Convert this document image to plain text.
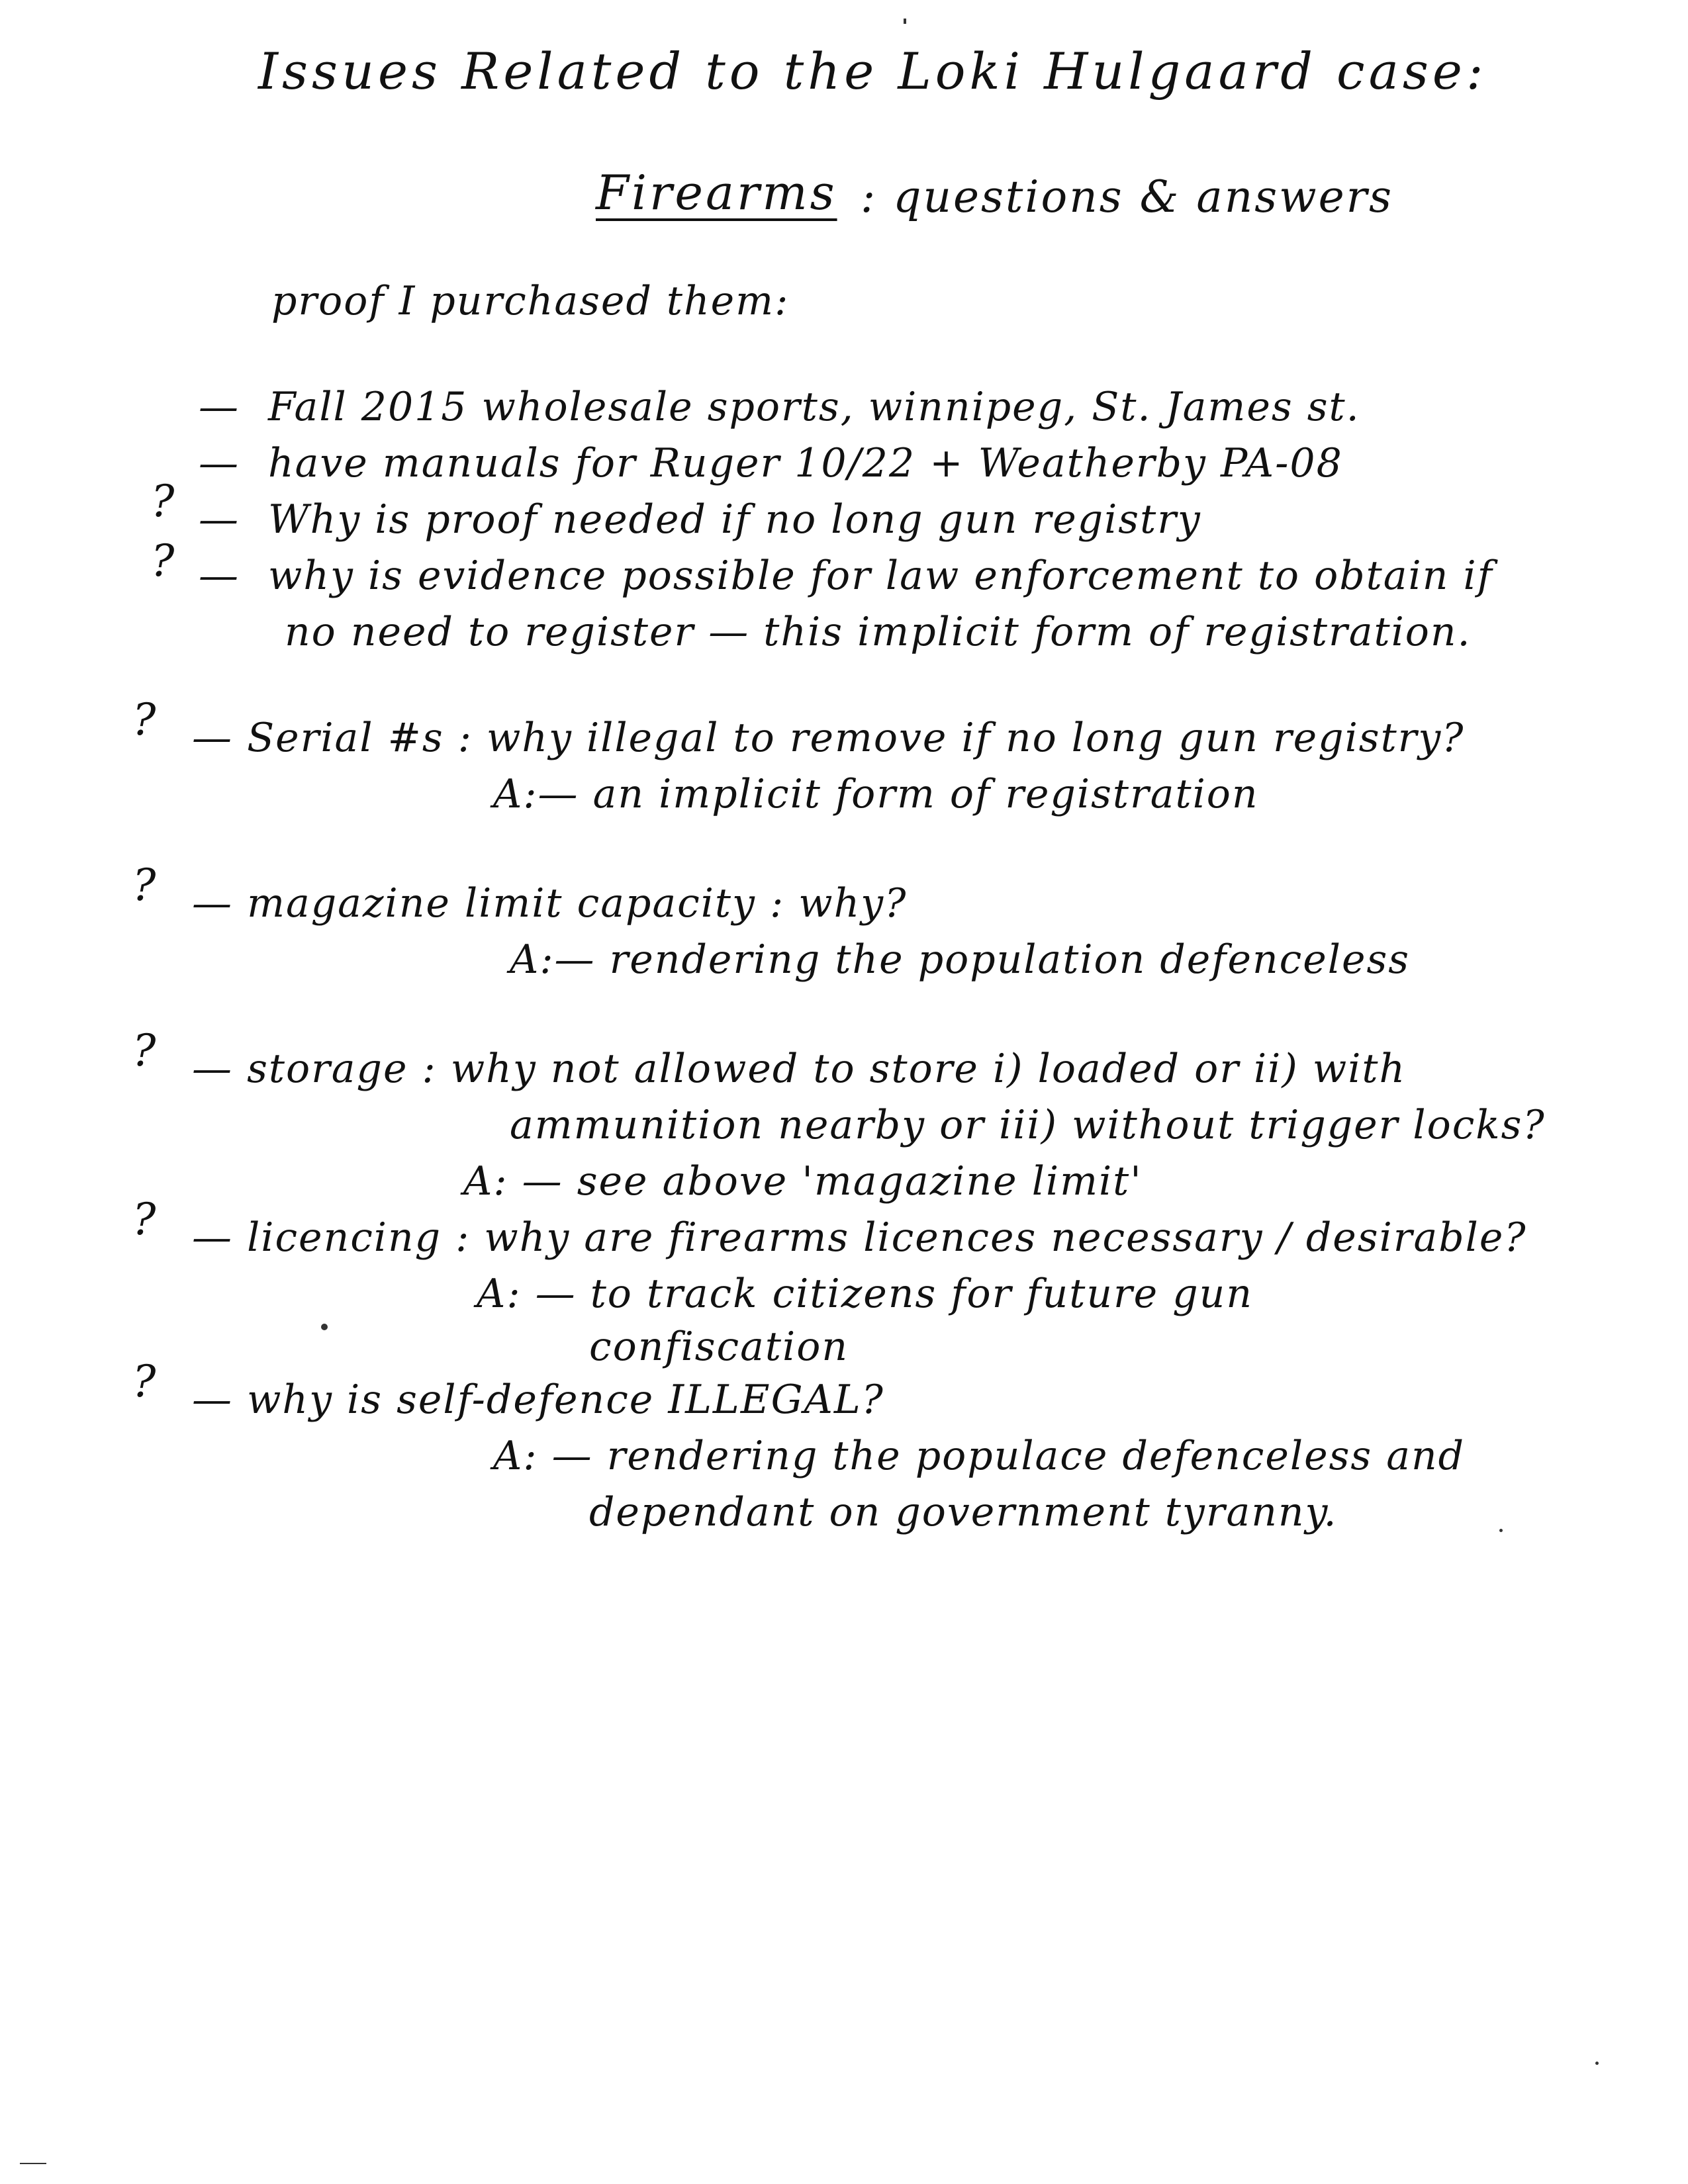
Issues Related to the Loki Hulgaard case:
Firearms : questions & answers
proof I purchased them:
— Fall 2015 wholesale sports, winnipeg, St. James st.
— have manuals for Ruger 10/22 + Weatherby PA-08
? — Why is proof needed if no long gun registry
? — why is evidence possible for law enforcement to obtain if
no need to register — this implicit form of registration.
? — Serial #s : why illegal to remove if no long gun registry?
A:— an implicit form of registration
? — magazine limit capacity : why?
A:— rendering the population defenceless
? — storage : why not allowed to store i) loaded or ii) with
ammunition nearby or iii) without trigger locks?
A: — see above 'magazine limit'
? — licencing : why are firearms licences necessary / desirable?
A: — to track citizens for future gun
confiscation
? — why is self-defence ILLEGAL?
A: — rendering the populace defenceless and
dependant on government tyranny.
